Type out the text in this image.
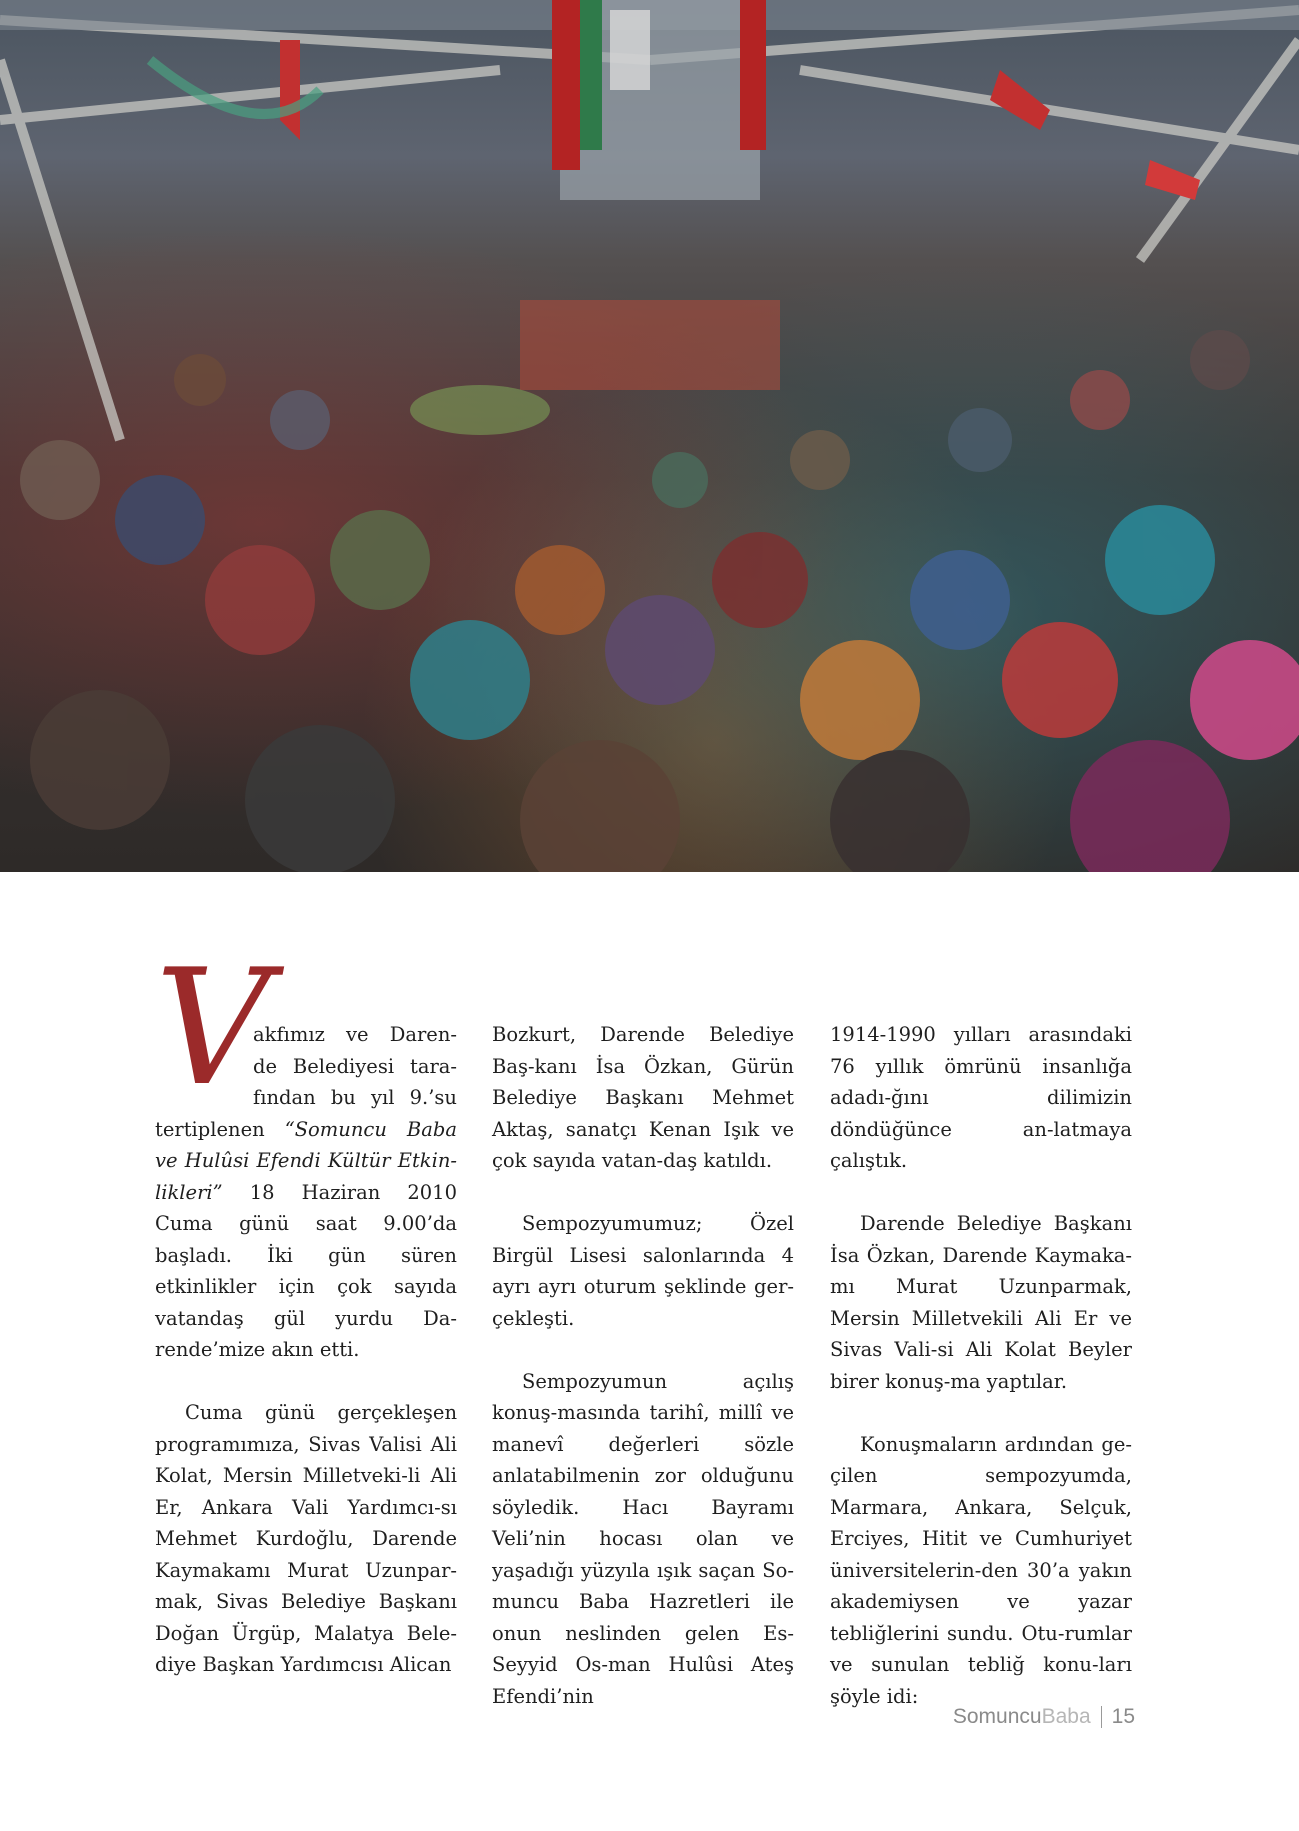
V

akfımız ve Daren-

de Belediyesi tara-

fından bu yıl 9.’su

tertiplenen “Somuncu Baba ve Hulûsi Efendi Kültür Etkin-likleri” 18 Haziran 2010 Cuma günü saat 9.00’da başladı. İki gün süren etkinlikler için çok sayıda vatandaş gül yurdu Da-rende’mize akın etti.

Cuma günü gerçekleşen programımıza, Sivas Valisi Ali Kolat, Mersin Milletveki-li Ali Er, Ankara Vali Yardımcı-sı Mehmet Kurdoğlu, Darende Kaymakamı Murat Uzunpar-mak, Sivas Belediye Başkanı Doğan Ürgüp, Malatya Bele-diye Başkan Yardımcısı Alican

Bozkurt, Darende Belediye Baş-kanı İsa Özkan, Gürün Belediye Başkanı Mehmet Aktaş, sanatçı Kenan Işık ve çok sayıda vatan-daş katıldı.

Sempozyumumuz; Özel Birgül Lisesi salonlarında 4 ayrı ayrı oturum şeklinde ger-çekleşti.

Sempozyumun açılış konuş-masında tarihî, millî ve manevî değerleri sözle anlatabilmenin zor olduğunu söyledik. Hacı Bayramı Veli’nin hocası olan ve yaşadığı yüzyıla ışık saçan So-muncu Baba Hazretleri ile onun neslinden gelen Es-Seyyid Os-man Hulûsi Ateş Efendi’nin

1914-1990 yılları arasındaki 76 yıllık ömrünü insanlığa adadı-ğını dilimizin döndüğünce an-latmaya çalıştık.

Darende Belediye Başkanı İsa Özkan, Darende Kaymaka-mı Murat Uzunparmak, Mersin Milletvekili Ali Er ve Sivas Vali-si Ali Kolat Beyler birer konuş-ma yaptılar.

Konuşmaların ardından ge-çilen sempozyumda, Marmara, Ankara, Selçuk, Erciyes, Hitit ve Cumhuriyet üniversitelerin-den 30’a yakın akademiysen ve yazar tebliğlerini sundu. Otu-rumlar ve sunulan tebliğ konu-ları şöyle idi:

SomuncuBaba 15
